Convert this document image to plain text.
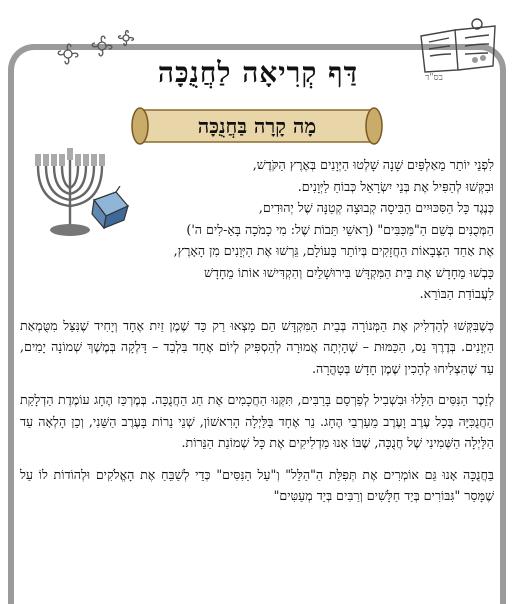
בס"ד
דַּף קְרִיאָה לַחֲנֻכָּה
מָה קָרָה בַּחֲנֻכָּה

לִפְנֵי יוֹתֵר מֵאַלְפַּיִם שָׁנָה שָׁלְטוּ הַיְּוָנִים בְּאֶרֶץ הַקֹּדֶשׁ,
וּבִקְּשׁוּ לְהַפִּיל אֶת בְּנֵי יִשְׂרָאֵל כְּבוֹחַ לַיְּוָנִים.
כְּנֶגֶד כָּל הַסִּכּוּיִים הַבִּיסָה קְבוּצָה קְטַנָּה שֶׁל יְהוּדִים,
הַמְּכֻנִּים בְּשֵׁם הַ"מַּכַּבִּים" (רָאשֵׁי תֵּבוֹת שֶׁל: מִי כָמֹכָה בָּאֵ-לִים ה')
אֶת אַחַד הַצְּבָאוֹת הַחֲזָקִים בְּיוֹתֵר בָּעוֹלָם, גֵּרְשׁוּ אֶת הַיְּוָנִים מִן הָאָרֶץ,
כָּבְשׁוּ מֵחָדָשׁ אֶת בֵּית הַמִּקְדָּשׁ בִּירוּשָׁלַיִם וְהִקְדִּישׁוּ אוֹתוֹ מֵחָדָשׁ
לַעֲבוֹדַת הַבּוֹרֵא.

כְּשֶׁבִּקְּשׁוּ לְהַדְלִיק אֶת הַמְּנוֹרָה בְּבֵית הַמִּקְדָּשׁ הֵם מָצְאוּ רַק כַּד שֶׁמֶן זַיִת אֶחָד וְיָחִיד שֶׁנִּצַּל מִטֻּמְאַת הַיְּוָנִים. בְּדֶרֶךְ נֵס, הַכַּמּוּת – שֶׁהָיְתָה אֲמוּרָה לְהַסְפִּיק לְיוֹם אֶחָד בִּלְבַד – דָּלְקָה בְּמֶשֶׁךְ שְׁמוֹנָה יָמִים, עַד שֶׁהִצְלִיחוּ לְהָכִין שֶׁמֶן חָדָשׁ בְּטָהֳרָה.

לְזֵכֶר הַנִּסִּים הַלָּלוּ וּבִשְׁבִיל לְפַרְסֵם בָּרַבִּים, תִּקְּנוּ הַחֲכָמִים אֶת חַג הַחֲנֻכָּה. בְּמֶרְכַּז הֶחָג עוֹמֶדֶת הַדְלָקַת הַחֲנֻכִּיָּה בְּכָל עֶרֶב וָעֶרֶב מֵעַרְבֵי הֶחָג. נֵר אֶחָד בַּלַּיְלָה הָרִאשׁוֹן, שְׁנֵי נֵרוֹת בָּעֶרֶב הַשֵּׁנִי, וְכֵן הָלְאָה עַד הַלַּיְלָה הַשְּׁמִינִי שֶׁל חֲנֻכָּה, שֶׁבּוֹ אָנוּ מַדְלִיקִים אֶת כָּל שְׁמוֹנַת הַנֵּרוֹת.

בַּחֲנֻכָּה אָנוּ גַּם אוֹמְרִים אֶת תְּפִלַּת הַ"הַלֵּל" וְ"עַל הַנִּסִּים" כְּדֵי לְשַׁבֵּחַ אֶת הָאֱלֹקִים וּלְהוֹדוֹת לוֹ עַל שֶׁמָּסַר "גִּבּוֹרִים בְּיַד חַלָּשִׁים וְרַבִּים בְּיַד מְעַטִּים"
